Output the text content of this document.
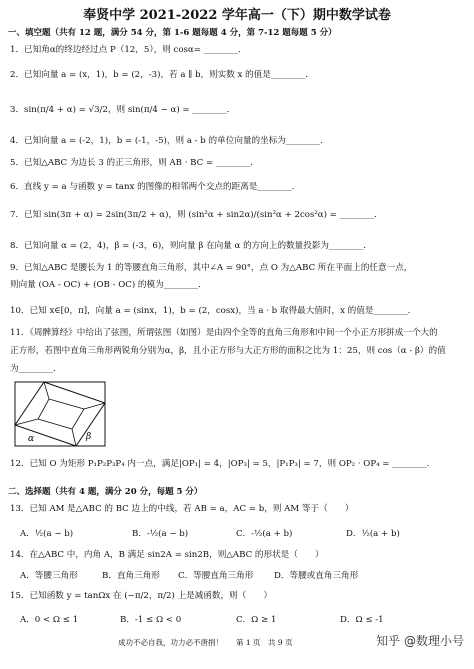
奉贤中学 2021-2022 学年高一（下）期中数学试卷
一、填空题（共有 12 题，满分 54 分，第 1-6 题每题 4 分，第 7-12 题每题 5 分）
1．已知角α的终边经过点 P（12，5），则 cosα= ________．
2．已知向量 a = (x，1)，b = (2，-3)，若 a ∥ b，则实数 x 的值是________．
3．sin(π/4 + α) = √3/2，则 sin(π/4 − α) = ________．
4．已知向量 a = (-2，1)，b = (-1，-5)，则 a - b 的单位向量的坐标为________．
5．已知△ABC 为边长 3 的正三角形，则 AB · BC = ________．
6．直线 y = a 与函数 y = tanx 的图像的相邻两个交点的距离是________．
7．已知 sin(3π + α) = 2sin(3π/2 + α)，则 (sin²α + sin2α)/(sin²α + 2cos²α) = ________．
8．已知向量 α = (2，4)，β = (-3，6)，则向量 β 在向量 α 的方向上的数量投影为________．
9．已知△ABC 是腰长为 1 的等腰直角三角形，其中∠A = 90°，点 O 为△ABC 所在平面上的任意一点，
则向量 (OA - OC) + (OB - OC) 的模为________．
10．已知 x∈[0，π]，向量 a = (sinx，1)，b = (2，cosx)，当 a · b 取得最大值时，x 的值是________．
11．《周髀算经》中给出了弦图，所谓弦图（如图）是由四个全等的直角三角形和中间一个小正方形拼成一个大的
正方形，若图中直角三角形两锐角分别为α，β，且小正方形与大正方形的面积之比为 1：25，则 cos（α - β）的值
为________．
α	β
12．已知 O 为矩形 P₁P₂P₃P₄ 内一点，满足|OP₁| = 4，|OP₃| = 5，|P₁P₃| = 7，则 OP₂ · OP₄ = ________．
二、选择题（共有 4 题，满分 20 分，每题 5 分）
13．已知 AM 是△ABC 的 BC 边上的中线，若 AB = a，AC = b，则 AM 等于（　　）
A．½(a − b)	B．-½(a − b)	C．-½(a + b)	D．½(a + b)
14．在△ABC 中，内角 A，B 满足 sin2A = sin2B，则△ABC 的形状是（　　）
A．等腰三角形	B．直角三角形 C．等腰直角三角形 D．等腰或直角三角形
15．已知函数 y = tanΩx 在 (−π/2，π/2) 上是减函数，则（　　）
A．0 < Ω ≤ 1	B．-1 ≤ Ω < 0	C．Ω ≥ 1	D．Ω ≤ -1
成功不必自我，功力必不唐捐！ 第 1 页　共 9 页	知乎 @数理小号
